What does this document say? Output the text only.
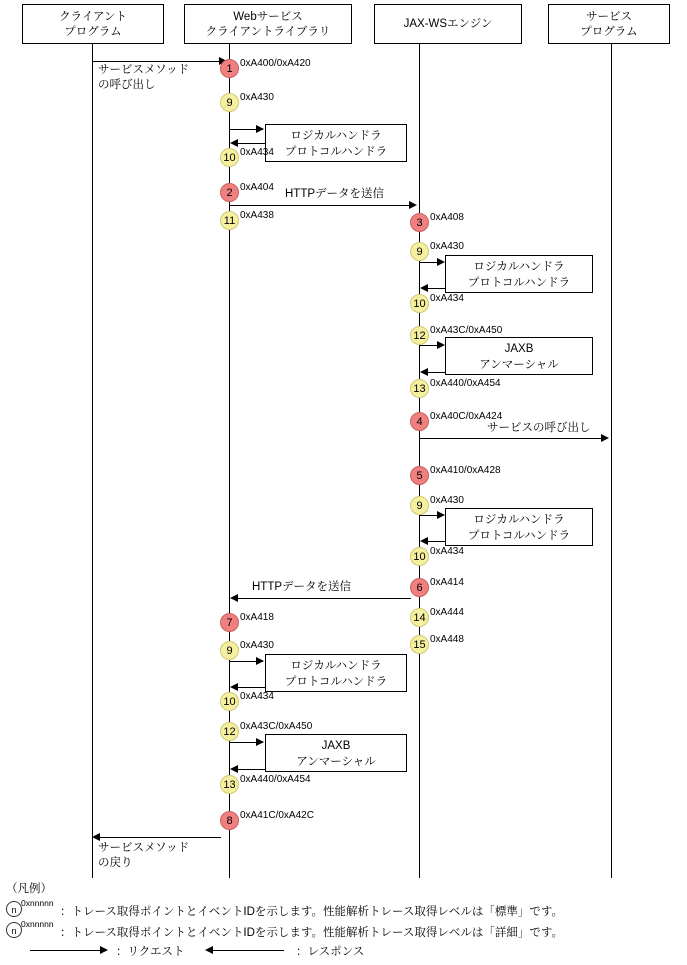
クライアント
プログラム
Webサービス
クライアントライブラリ
JAX-WSエンジン
サービス
プログラム
サービスメソッド
の呼び出し
1 0xA400/0xA420
9 0xA430
ロジカルハンドラ
プロトコルハンドラ
10 0xA434
2 0xA404
HTTPデータを送信
11 0xA438
3 0xA408
9 0xA430
ロジカルハンドラ
プロトコルハンドラ
10 0xA434
12 0xA43C/0xA450
JAXB
アンマーシャル
13 0xA440/0xA454
4 0xA40C/0xA424
サービスの呼び出し
5 0xA410/0xA428
9 0xA430
ロジカルハンドラ
プロトコルハンドラ
10 0xA434
6 0xA414
HTTPデータを送信
14 0xA444
15 0xA448
7 0xA418
9 0xA430
ロジカルハンドラ
プロトコルハンドラ
10 0xA434
12 0xA43C/0xA450
JAXB
アンマーシャル
13 0xA440/0xA454
8 0xA41C/0xA42C
サービスメソッド
の戻り
（凡例）
n
0xnnnnn
：トレース取得ポイントとイベントIDを示します。性能解析トレース取得レベルは「標準」です。
n
0xnnnnn
：トレース取得ポイントとイベントIDを示します。性能解析トレース取得レベルは「詳細」です。
：リクエスト	：レスポンス
